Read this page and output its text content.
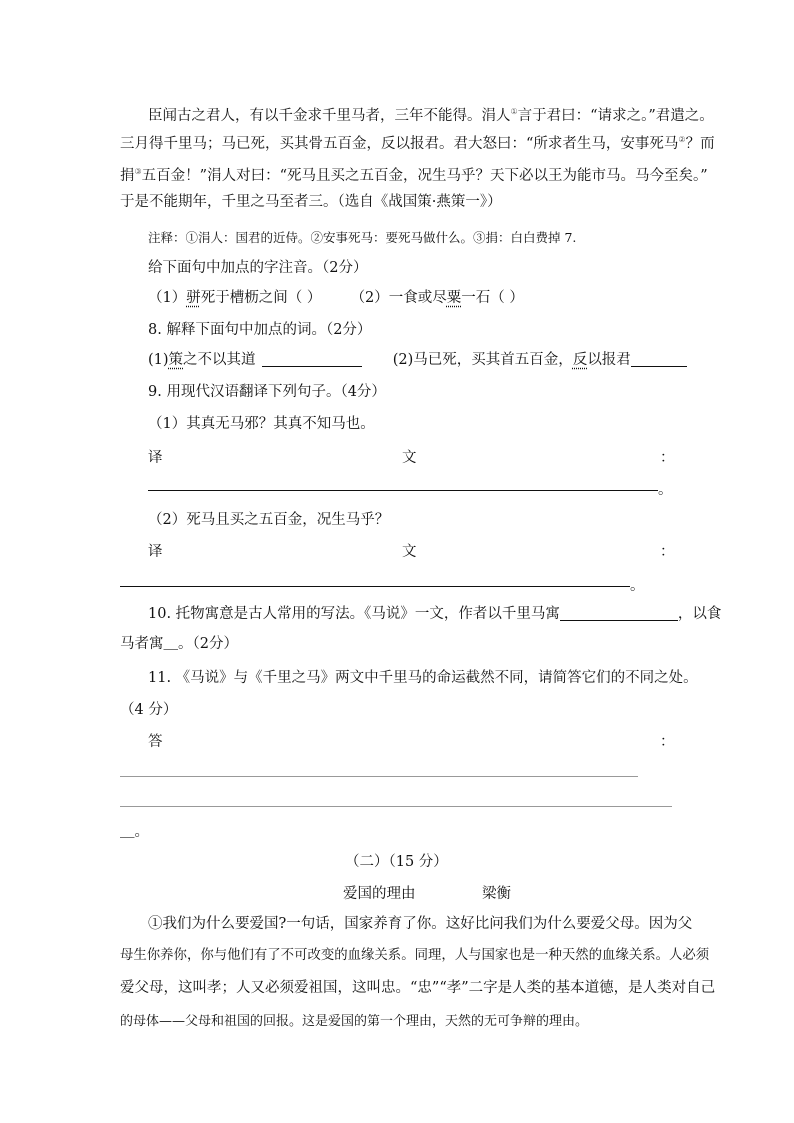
臣闻古之君人，有以千金求千里马者，三年不能得。涓人①言于君曰：“请求之。”君遣之。
三月得千里马；马已死，买其骨五百金，反以报君。君大怒曰：“所求者生马，安事死马②？而
捐③五百金！”涓人对曰：“死马且买之五百金，况生马乎？天下必以王为能市马。马今至矣。”
于是不能期年，千里之马至者三。（选自《战国策·燕策一》）
注释：①涓人：国君的近侍。②安事死马：要死马做什么。③捐：白白费掉 7.
给下面句中加点的字注音。（2分）
（1）骈死于槽枥之间（ ） （2）一食或尽粟一石（ ）
8. 解释下面句中加点的词。（2分）
(1)策之不以其道	(2)马已死，买其首五百金，反以报君
9. 用现代汉语翻译下列句子。（4分）
（1）其真无马邪？其真不知马也。
译	文	：
。
（2）死马且买之五百金，况生马乎？
译	文	：
。
10. 托物寓意是古人常用的写法。《马说》一文，作者以千里马寓	，以食
马者寓＿。（2分）
11. 《马说》与《千里之马》两文中千里马的命运截然不同，请简答它们的不同之处。
（4 分）
答	：
＿。
（二）（15 分）
爱国的理由	梁衡
①我们为什么要爱国?一句话，国家养育了你。这好比问我们为什么要爱父母。因为父
母生你养你，你与他们有了不可改变的血缘关系。同理，人与国家也是一种天然的血缘关系。人必须
爱父母，这叫孝；人又必须爱祖国，这叫忠。“忠”“孝”二字是人类的基本道德，是人类对自己
的母体——父母和祖国的回报。这是爱国的第一个理由，天然的无可争辩的理由。
